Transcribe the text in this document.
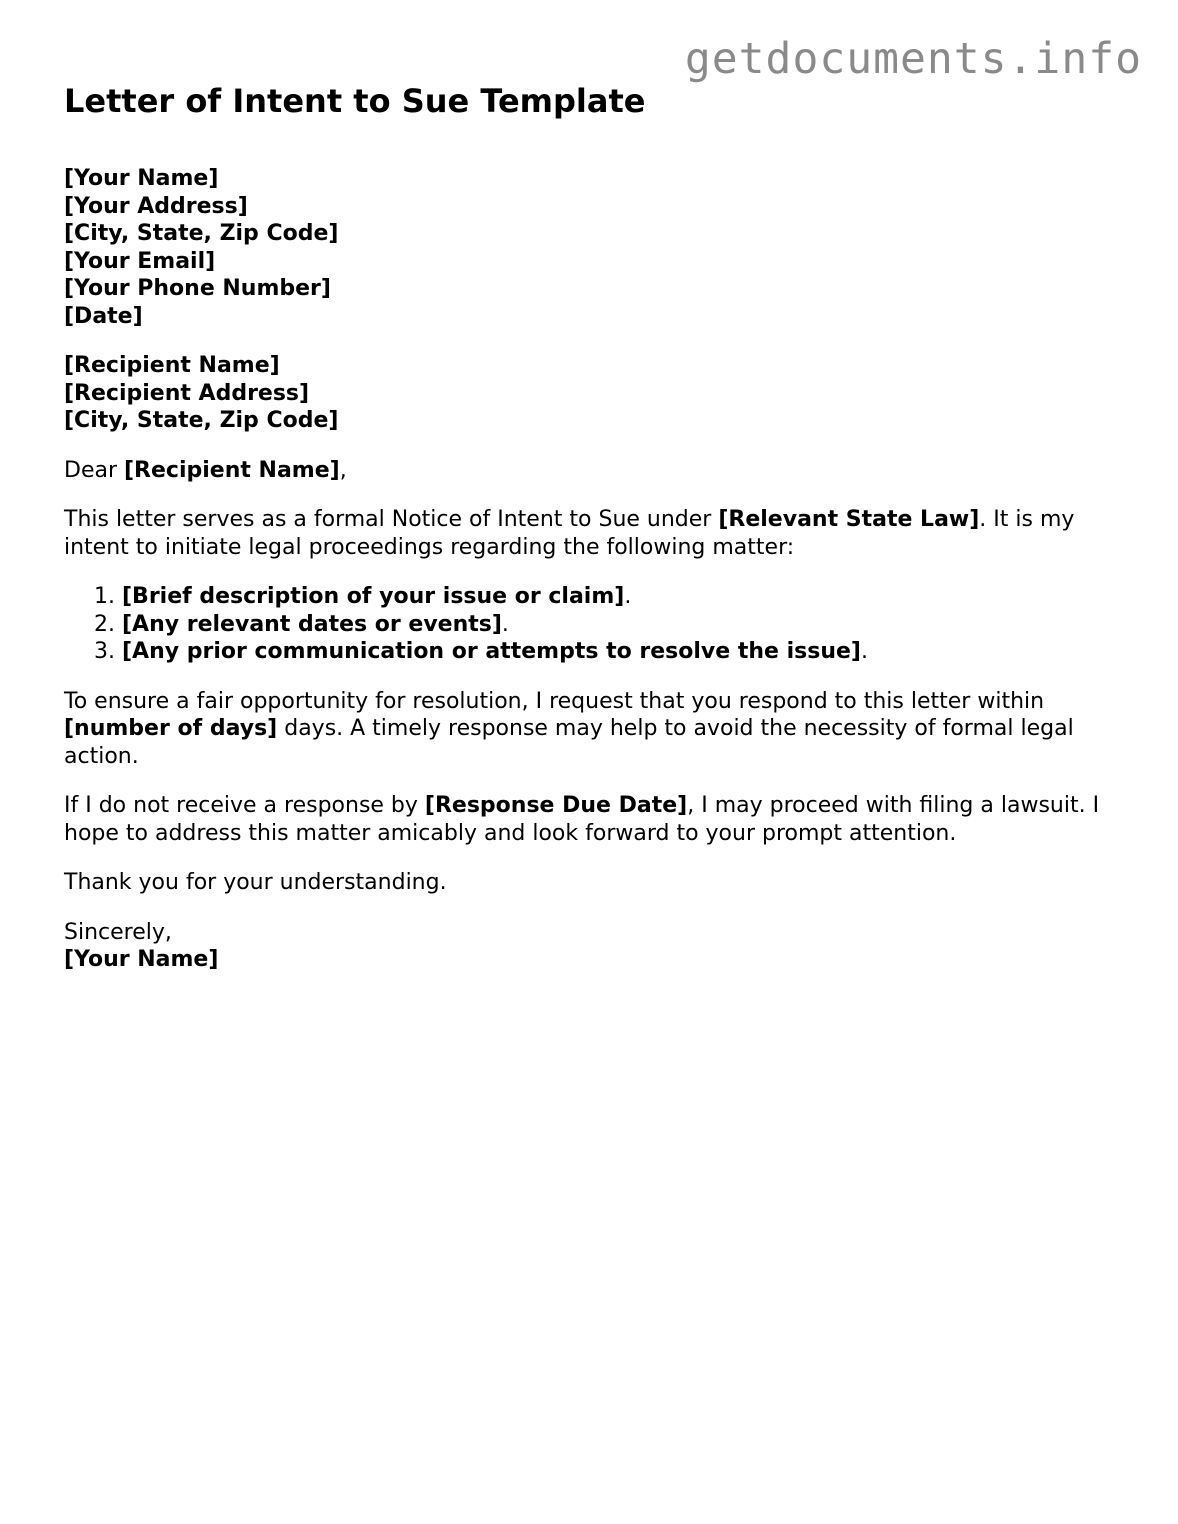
getdocuments.info
Letter of Intent to Sue Template
[Your Name]
[Your Address]
[City, State, Zip Code]
[Your Email]
[Your Phone Number]
[Date]
[Recipient Name]
[Recipient Address]
[City, State, Zip Code]

Dear [Recipient Name],

This letter serves as a formal Notice of Intent to Sue under [Relevant State Law]. It is my intent to initiate legal proceedings regarding the following matter:

1. [Brief description of your issue or claim].
2. [Any relevant dates or events].
3. [Any prior communication or attempts to resolve the issue].

To ensure a fair opportunity for resolution, I request that you respond to this letter within [number of days] days. A timely response may help to avoid the necessity of formal legal action.

If I do not receive a response by [Response Due Date], I may proceed with filing a lawsuit. I hope to address this matter amicably and look forward to your prompt attention.

Thank you for your understanding.

Sincerely,
[Your Name]
